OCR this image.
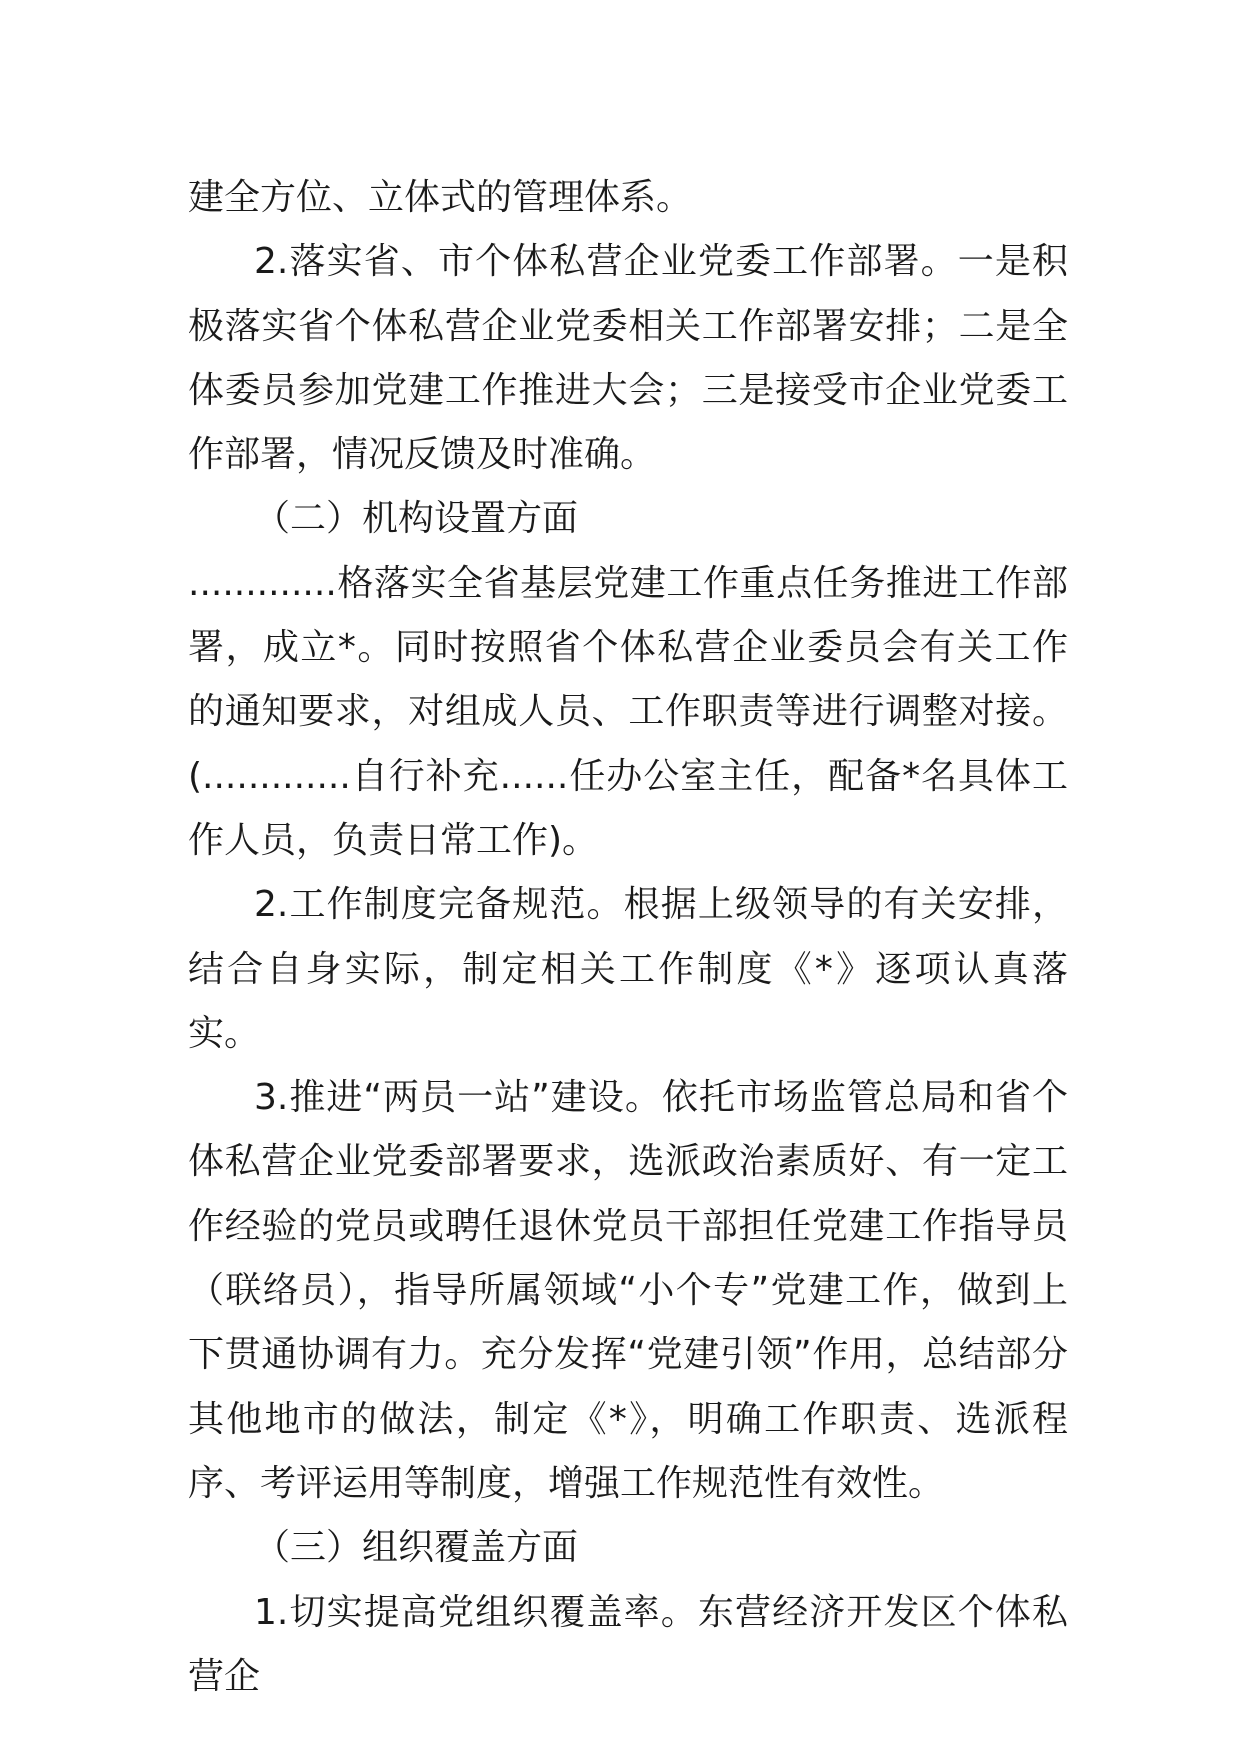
建全方位、立体式的管理体系。

2.落实省、市个体私营企业党委工作部署。一是积极落实省个体私营企业党委相关工作部署安排；二是全体委员参加党建工作推进大会；三是接受市企业党委工作部署，情况反馈及时准确。

（二）机构设置方面

.............格落实全省基层党建工作重点任务推进工作部署，成立*。同时按照省个体私营企业委员会有关工作的通知要求，对组成人员、工作职责等进行调整对接。(.............自行补充......任办公室主任，配备*名具体工作人员，负责日常工作)。

2.工作制度完备规范。根据上级领导的有关安排，结合自身实际，制定相关工作制度《*》逐项认真落实。

3.推进“两员一站”建设。依托市场监管总局和省个体私营企业党委部署要求，选派政治素质好、有一定工作经验的党员或聘任退休党员干部担任党建工作指导员（联络员），指导所属领域“小个专”党建工作，做到上下贯通协调有力。充分发挥“党建引领”作用，总结部分其他地市的做法，制定《*》，明确工作职责、选派程序、考评运用等制度，增强工作规范性有效性。

（三）组织覆盖方面

1.切实提高党组织覆盖率。东营经济开发区个体私营企
